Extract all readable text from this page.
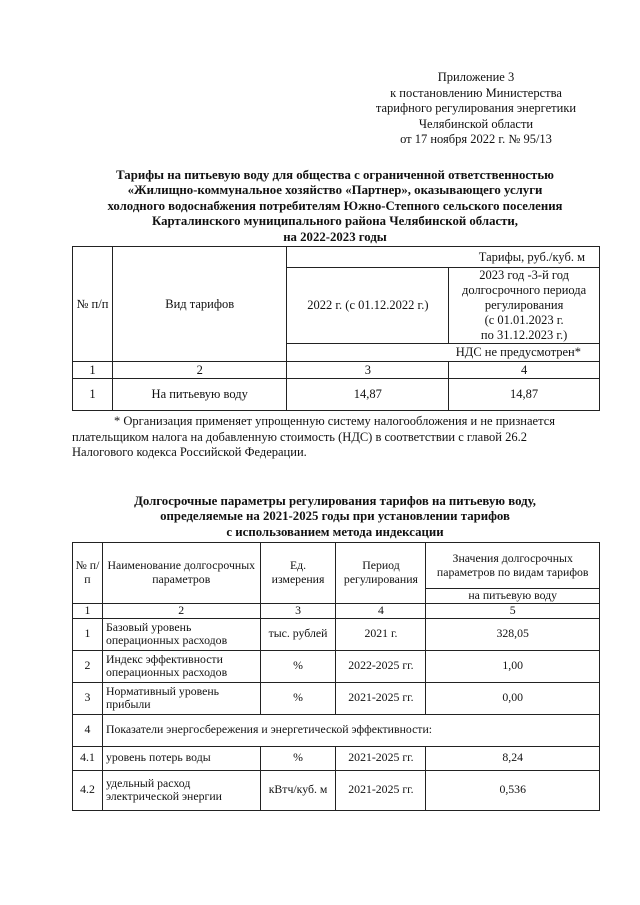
Приложение 3
к постановлению Министерства
тарифного регулирования энергетики
Челябинской области
от 17 ноября 2022 г. № 95/13
Тарифы на питьевую воду для общества с ограниченной ответственностью
«Жилищно-коммунальное хозяйство «Партнер», оказывающего услуги
холодного водоснабжения потребителям Южно-Степного сельского поселения
Карталинского муниципального района Челябинской области,
на 2022-2023 годы
№ п/п	Вид тарифов	Тарифы, руб./куб. м	
		2022 г. (с 01.12.2022 г.)	2023 год -3-й год
долгосрочного периода
регулирования
(с 01.01.2023 г.
по 31.12.2023 г.)

		НДС не предусмотрен*	
1	2	3	4
1	На питьевую воду	14,87	14,87
* Организация применяет упрощенную систему налогообложения и не признается
плательщиком налога на добавленную стоимость (НДС) в соответствии с главой 26.2
Налогового кодекса Российской Федерации.
Долгосрочные параметры регулирования тарифов на питьевую воду,
определяемые на 2021-2025 годы при установлении тарифов
с использованием метода индексации
№ п/п	Наименование долгосрочных параметров	Ед. измерения	Период регулирования	Значения долгосрочных параметров по видам тарифов
				на питьевую воду
1	2	3	4	5
1	Базовый уровень операционных расходов	тыс. рублей	2021 г.	328,05
2	Индекс эффективности операционных расходов	%	2022-2025 гг.	1,00
3	Нормативный уровень прибыли	%	2021-2025 гг.	0,00
4	Показатели энергосбережения и энергетической эффективности:			
4.1	уровень потерь воды	%	2021-2025 гг.	8,24
4.2	удельный расход электрической энергии	кВтч/куб. м	2021-2025 гг.	0,536
